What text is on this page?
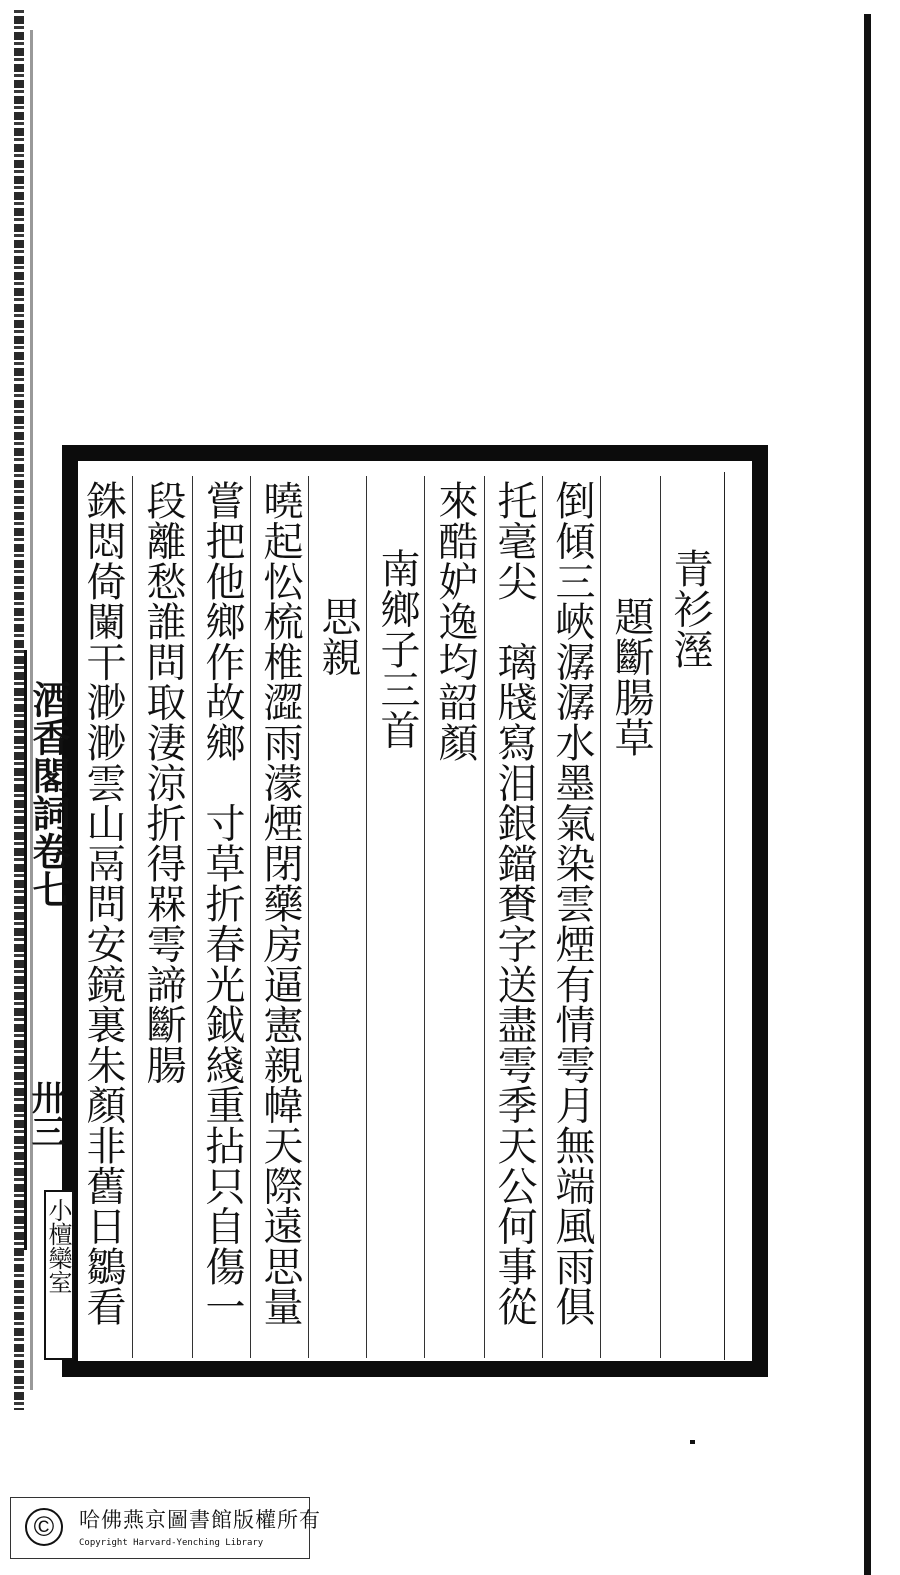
青衫溼
題斷腸草
倒傾三峽潺潺水墨氣染雲煙有情雩月無端風雨俱
托毫尖　璃牋寫泪銀鐺賚字送盡雩季天公何事從
來酷妒逸均韶顏
南鄉子三首
思親
曉起忪梳椎澀雨濛煙閉藥房逼憲親幃天際遠思量
嘗把他鄉作故鄉　寸草折春光鉞綫重拈只自傷一
段離愁誰問取淒涼折得槑雩諦斷腸
銖悶倚闌干渺渺雲山鬲問安鏡裏朱顏非舊日鶵看
酒香閣詞卷七
卅三
小檀欒室
©	哈佛燕京圖書館版權所有
Copyright Harvard-Yenching Library
